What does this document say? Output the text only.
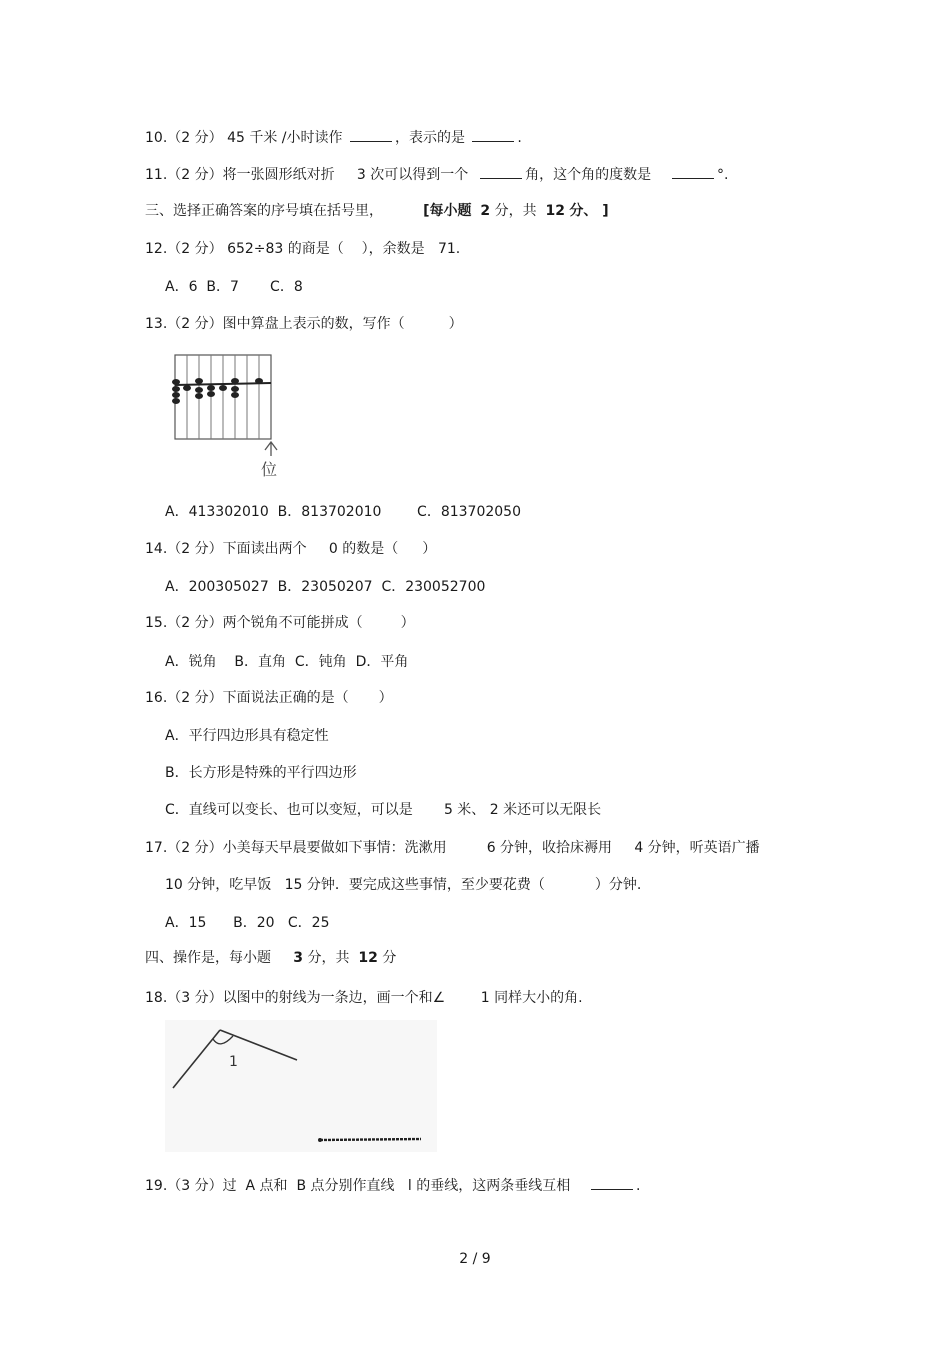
10.（2 分） 45 千米 /小时读作	，表示的是	.
11.（2 分）将一张圆形纸对折 3 次可以得到一个	角，这个角的度数是	°.
三、选择正确答案的序号填在括号里，	[每小题 2 分，共 12 分、 ]
12.（2 分） 652÷83 的商是（    ），余数是   71.
A．6  B．7       C．8
13.（2 分）图中算盘上表示的数，写作（	）
位
A．413302010 B．813702010	C．813702050
14.（2 分）下面读出两个 0 的数是（ ）
A．200305027 B．23050207 C．230052700
15.（2 分）两个锐角不可能拼成（	）
A．锐角 B．直角 C．钝角 D．平角
16.（2 分）下面说法正确的是（ ）
A．平行四边形具有稳定性
B．长方形是特殊的平行四边形
C．直线可以变长、也可以变短，可以是 5 米、 2 米还可以无限长
17.（2 分）小美每天早晨要做如下事情：洗漱用	6 分钟，收拾床褥用 4 分钟，听英语广播
10 分钟，吃早饭 15 分钟．要完成这些事情，至少要花费（	）分钟.
A．15 B．20 C．25
四、操作是，每小题 3 分，共 12 分
18.（3 分）以图中的射线为一条边，画一个和∠	1 同样大小的角.
1
19.（3 分）过 A 点和 B 点分别作直线 l 的垂线，这两条垂线互相	.
2 / 9
